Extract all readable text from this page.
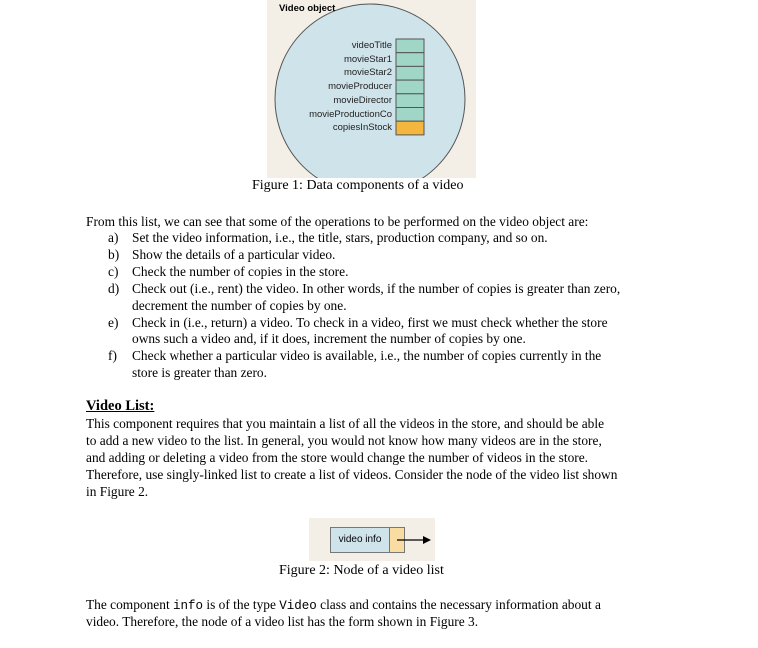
Video object
videoTitle
movieStar1
movieStar2
movieProducer
movieDirector
movieProductionCo
copiesInStock
Figure 1: Data components of a video
From this list, we can see that some of the operations to be performed on the video object are:
a) Set the video information, i.e., the title, stars, production company, and so on.
b) Show the details of a particular video.
c) Check the number of copies in the store.
d) Check out (i.e., rent) the video. In other words, if the number of copies is greater than zero,
decrement the number of copies by one.
e) Check in (i.e., return) a video. To check in a video, first we must check whether the store
owns such a video and, if it does, increment the number of copies by one.
f) Check whether a particular video is available, i.e., the number of copies currently in the
store is greater than zero.
Video List:
This component requires that you maintain a list of all the videos in the store, and should be able
to add a new video to the list. In general, you would not know how many videos are in the store,
and adding or deleting a video from the store would change the number of videos in the store.
Therefore, use singly-linked list to create a list of videos. Consider the node of the video list shown
in Figure 2.
video info
Figure 2: Node of a video list
The component info is of the type Video class and contains the necessary information about a
video. Therefore, the node of a video list has the form shown in Figure 3.
